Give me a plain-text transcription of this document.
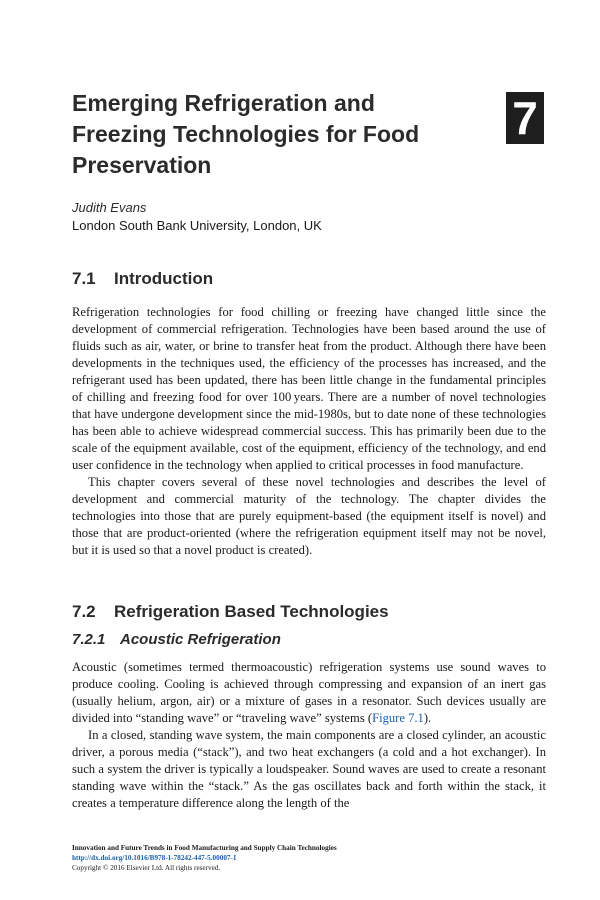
Emerging Refrigeration and
Freezing Technologies for Food
Preservation
7
Judith Evans
London South Bank University, London, UK
7.1 Introduction

Refrigeration technologies for food chilling or freezing have changed little since the development of commercial refrigeration. Technologies have been based around the use of fluids such as air, water, or brine to transfer heat from the product. Although there have been developments in the techniques used, the efficiency of the processes has increased, and the refrigerant used has been updated, there has been little change in the fundamental principles of chilling and freezing food for over 100 years. There are a number of novel technologies that have undergone development since the mid-1980s, but to date none of these technologies has been able to achieve widespread commercial success. This has primarily been due to the scale of the equipment available, cost of the equipment, efficiency of the technology, and end user confidence in the technology when applied to critical processes in food manufacture.

This chapter covers several of these novel technologies and describes the level of development and commercial maturity of the technology. The chapter divides the technologies into those that are purely equipment-based (the equipment itself is novel) and those that are product-oriented (where the refrigeration equipment itself may not be novel, but it is used so that a novel product is created).

7.2 Refrigeration Based Technologies
7.2.1 Acoustic Refrigeration

Acoustic (sometimes termed thermoacoustic) refrigeration systems use sound waves to produce cooling. Cooling is achieved through compressing and expansion of an inert gas (usually helium, argon, air) or a mixture of gases in a resonator. Such devices usually are divided into “standing wave” or “traveling wave” systems (Figure 7.1).

In a closed, standing wave system, the main components are a closed cylinder, an acoustic driver, a porous media (“stack”), and two heat exchangers (a cold and a hot exchanger). In such a system the driver is typically a loudspeaker. Sound waves are used to create a resonant standing wave within the “stack.” As the gas oscillates back and forth within the stack, it creates a temperature difference along the length of the

Innovation and Future Trends in Food Manufacturing and Supply Chain Technologies
http://dx.doi.org/10.1016/B978-1-78242-447-5.00007-1
Copyright © 2016 Elsevier Ltd. All rights reserved.
